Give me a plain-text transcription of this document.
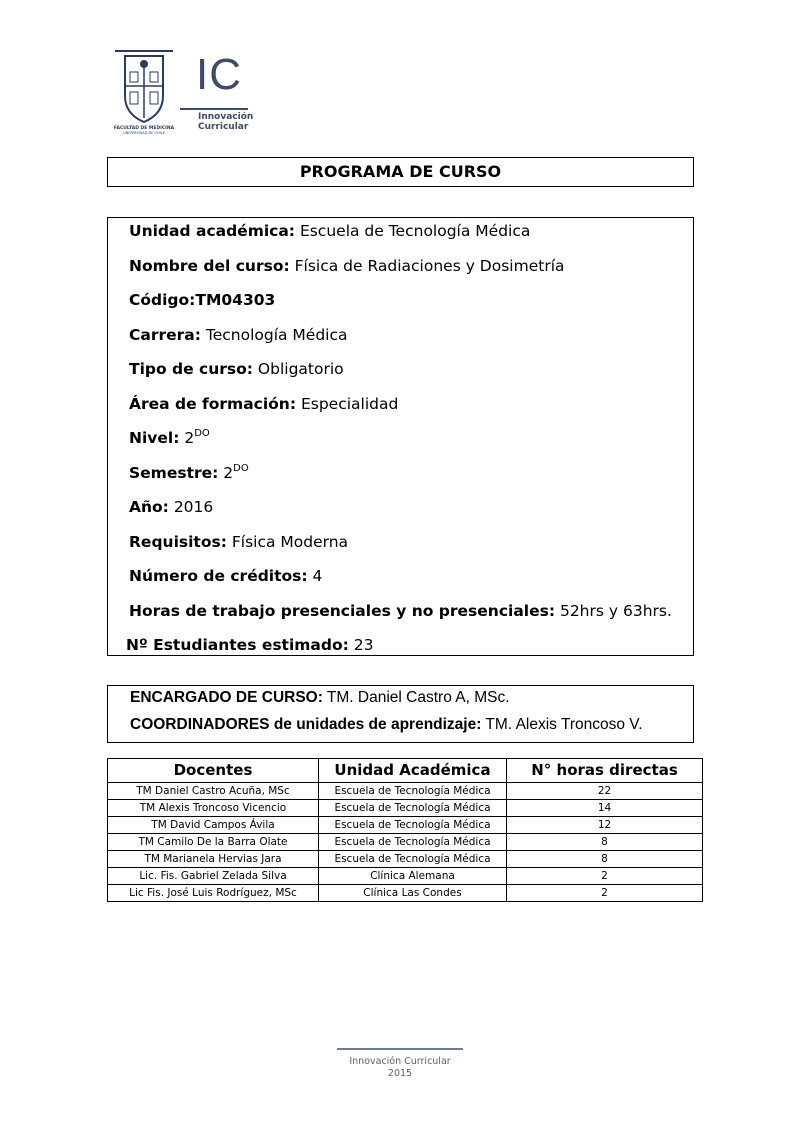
FACULTAD DE MEDICINA
UNIVERSIDAD DE CHILE
IC
Innovación
Curricular
PROGRAMA DE CURSO
Unidad académica: Escuela de Tecnología Médica
Nombre del curso: Física de Radiaciones y Dosimetría
Código:TM04303
Carrera: Tecnología Médica
Tipo de curso: Obligatorio
Área de formación: Especialidad
Nivel: $2^{DO}$
Semestre: $2^{DO}$
Año: 2016
Requisitos: Física Moderna
Número de créditos: 4
Horas de trabajo presenciales y no presenciales: 52hrs y 63hrs.
Nº Estudiantes estimado: 23
ENCARGADO DE CURSO: TM. Daniel Castro A, MSc.
COORDINADORES de unidades de aprendizaje: TM. Alexis Troncoso V.
Docentes	Unidad Académica	N° horas directas
TM Daniel Castro Acuña, MSc	Escuela de Tecnología Médica	22
TM Alexis Troncoso Vicencio	Escuela de Tecnología Médica	14
TM David Campos Ávila	Escuela de Tecnología Médica	12
TM Camilo De la Barra Olate	Escuela de Tecnología Médica	8
TM Marianela Hervias Jara	Escuela de Tecnología Médica	8
Lic. Fis. Gabriel Zelada Silva	Clínica Alemana	2
Lic Fis. José Luis Rodríguez, MSc	Clínica Las Condes	2
Innovación Curricular
2015
